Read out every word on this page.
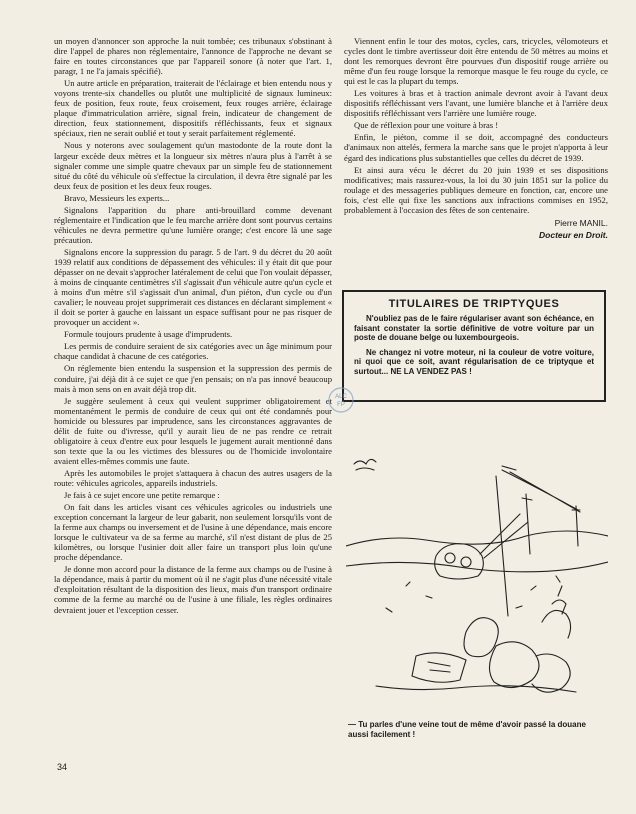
un moyen d'annoncer son approche la nuit tombée; ces tribunaux s'obstinant à dire l'appel de phares non réglementaire, l'annonce de l'approche ne devant se faire en toutes circonstances que par l'appareil sonore (à noter que l'art. 1, paragr, 1 ne l'a jamais spécifié).

Un autre article en préparation, traiterait de l'éclairage et bien entendu nous y voyons trente-six chandelles ou plutôt une multiplicité de signaux lumineux: feux de position, feux route, feux croisement, feux rouges arrière, éclairage plaque d'immatriculation arrière, signal frein, indicateur de changement de direction, feux stationnement, dispositifs réfléchissants, feux et signaux spéciaux, rien ne serait oublié et tout y serait parfaitement réglementé.

Nous y noterons avec soulagement qu'un mastodonte de la route dont la largeur excède deux mètres et la longueur six mètres n'aura plus à l'arrêt à se signaler comme une simple quatre chevaux par un simple feu de stationnement situé du côté du véhicule où s'effectue la circulation, il devra être signalé par les deux feux de position et les deux feux rouges.

Bravo, Messieurs les experts...

Signalons l'apparition du phare anti-brouillard comme devenant réglementaire et l'indication que le feu marche arrière dont sont pourvus certains véhicules ne devra permettre qu'une lumière orange; c'est encore là une sage précaution.

Signalons encore la suppression du paragr. 5 de l'art. 9 du décret du 20 août 1939 relatif aux conditions de dépassement des véhicules: il y était dit que pour dépasser on ne devait s'approcher latéralement de celui que l'on voulait dépasser, à moins de cinquante centimètres s'il s'agissait d'un véhicule autre qu'un cycle et à moins d'un mètre s'il s'agissait d'un animal, d'un piéton, d'un cycle ou d'un cavalier; le nouveau projet supprimerait ces distances en déclarant simplement « il doit se porter à gauche en laissant un espace suffisant pour ne pas risquer de provoquer un accident ».

Formule toujours prudente à usage d'imprudents.

Les permis de conduire seraient de six catégories avec un âge minimum pour chaque candidat à chacune de ces catégories.

On réglemente bien entendu la suspension et la suppression des permis de conduire, j'ai déjà dit à ce sujet ce que j'en pensais; on n'a pas innové beaucoup mais à mon sens on en avait déjà trop dit.

Je suggère seulement à ceux qui veulent supprimer obligatoirement et momentanément le permis de conduire de ceux qui ont été condamnés pour homicide ou blessures par imprudence, sans les circonstances aggravantes de délit de fuite ou d'ivresse, qu'il y aurait lieu de ne pas rendre ce retrait obligatoire à ceux d'entre eux pour lesquels le jugement aurait mentionné dans son texte que la ou les victimes des blessures ou de l'homicide involontaire avaient elles-mêmes commis une faute.

Après les automobiles le projet s'attaquera à chacun des autres usagers de la route: véhicules agricoles, appareils industriels.

Je fais à ce sujet encore une petite remarque :

On fait dans les articles visant ces véhicules agricoles ou industriels une exception concernant la largeur de leur gabarit, non seulement lorsqu'ils vont de la ferme aux champs ou inversement et de l'usine à une dépendance, mais encore lorsque le cultivateur va de sa ferme au marché, s'il n'est distant de plus de 25 kilomètres, ou lorsque l'usinier doit aller faire un transport plus loin qu'une proche dépendance.

Je donne mon accord pour la distance de la ferme aux champs ou de l'usine à la dépendance, mais à partir du moment où il ne s'agit plus d'une nécessité vitale d'exploitation résultant de la disposition des lieux, mais d'un transport ordinaire comme de la ferme au marché ou de l'usine à une filiale, les règles ordinaires devraient jouer et l'exception cesser.

Viennent enfin le tour des motos, cycles, cars, tricycles, vélomoteurs et cycles dont le timbre avertisseur doit être entendu de 50 mètres au moins et dont les remorques devront être pourvues d'un dispositif rouge arrière ou même d'un feu rouge lorsque la remorque masque le feu rouge du cycle, ce qui est le cas la plupart du temps.

Les voitures à bras et à traction animale devront avoir à l'avant deux dispositifs réfléchissant vers l'avant, une lumière blanche et à l'arrière deux dispositifs réfléchissant vers l'arrière une lumière rouge.

Que de réflexion pour une voiture à bras !

Enfin, le piéton, comme il se doit, accompagné des conducteurs d'animaux non attelés, fermera la marche sans que le projet n'apporta à leur égard des indications plus substantielles que celles du décret de 1939.

Et ainsi aura vécu le décret du 20 juin 1939 et ses dispositions modificatives; mais rassurez-vous, la loi du 30 juin 1851 sur la police du roulage et des messageries publiques demeure en fonction, car, encore une fois, c'est elle qui fixe les sanctions aux infractions commises en 1952, probablement à l'occasion des fêtes de son centenaire.

Pierre MANIL.

Docteur en Droit.

TITULAIRES DE TRIPTYQUES

N'oubliez pas de le faire régulariser avant son échéance, en faisant constater la sortie définitive de votre voiture par un poste de douane belge ou luxembourgeois.

Ne changez ni votre moteur, ni la couleur de votre voiture, ni quoi que ce soit, avant régularisation de ce triptyque et surtout... NE LA VENDEZ PAS !

ALC
FP
— Tu parles d'une veine tout de même d'avoir passé la douane aussi facilement !
34
